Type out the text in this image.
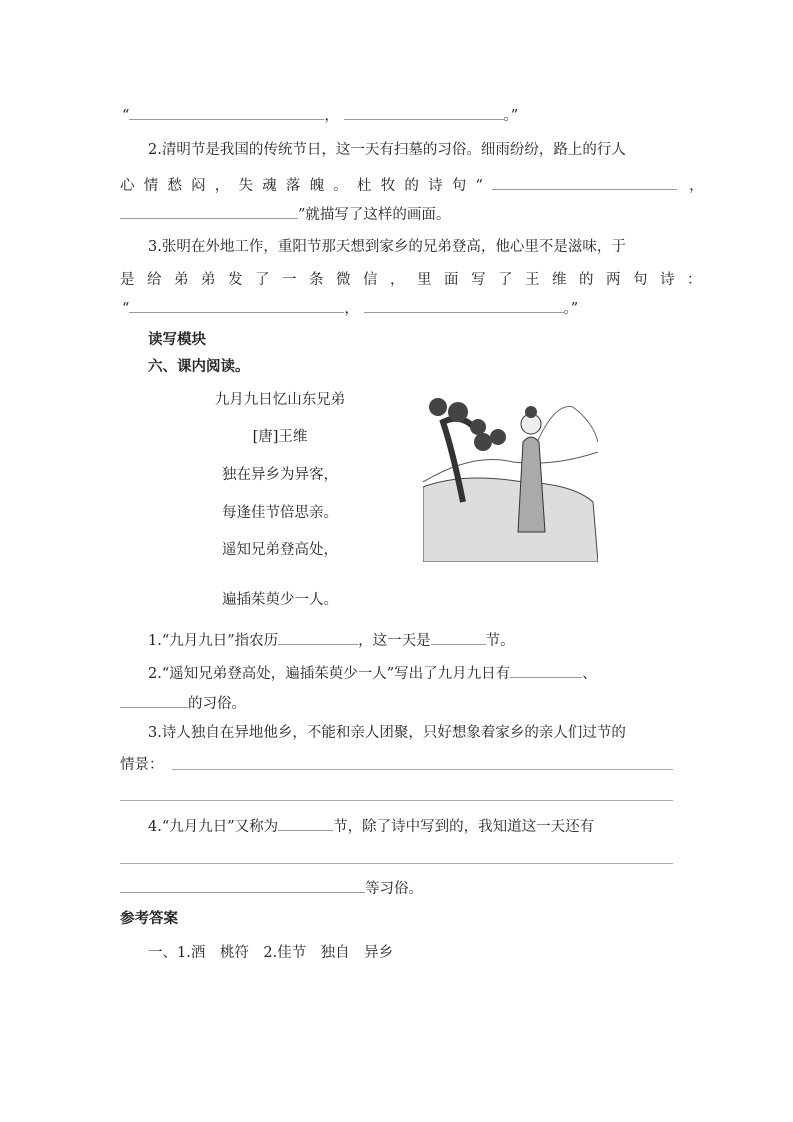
“	，	。”
2.清明节是我国的传统节日，这一天有扫墓的习俗。细雨纷纷，路上的行人
心情愁闷，失魂落魄。杜牧的诗句“	，
”就描写了这样的画面。
3.张明在外地工作，重阳节那天想到家乡的兄弟登高，他心里不是滋味，于
是给弟弟发了一条微信，里面写了王维的两句诗：
“	，	。”
读写模块
六、课内阅读。
九月九日忆山东兄弟
[唐]王维
独在异乡为异客，
每逢佳节倍思亲。
遥知兄弟登高处，
遍插茱萸少一人。
1.“九月九日”指农历	，这一天是	节。
2.“遥知兄弟登高处，遍插茱萸少一人”写出了九月九日有	、
的习俗。
3.诗人独自在异地他乡，不能和亲人团聚，只好想象着家乡的亲人们过节的
情景：
4.“九月九日”又称为	节，除了诗中写到的，我知道这一天还有
等习俗。
参考答案
一、1.酒　桃符　2.佳节　独自　异乡
